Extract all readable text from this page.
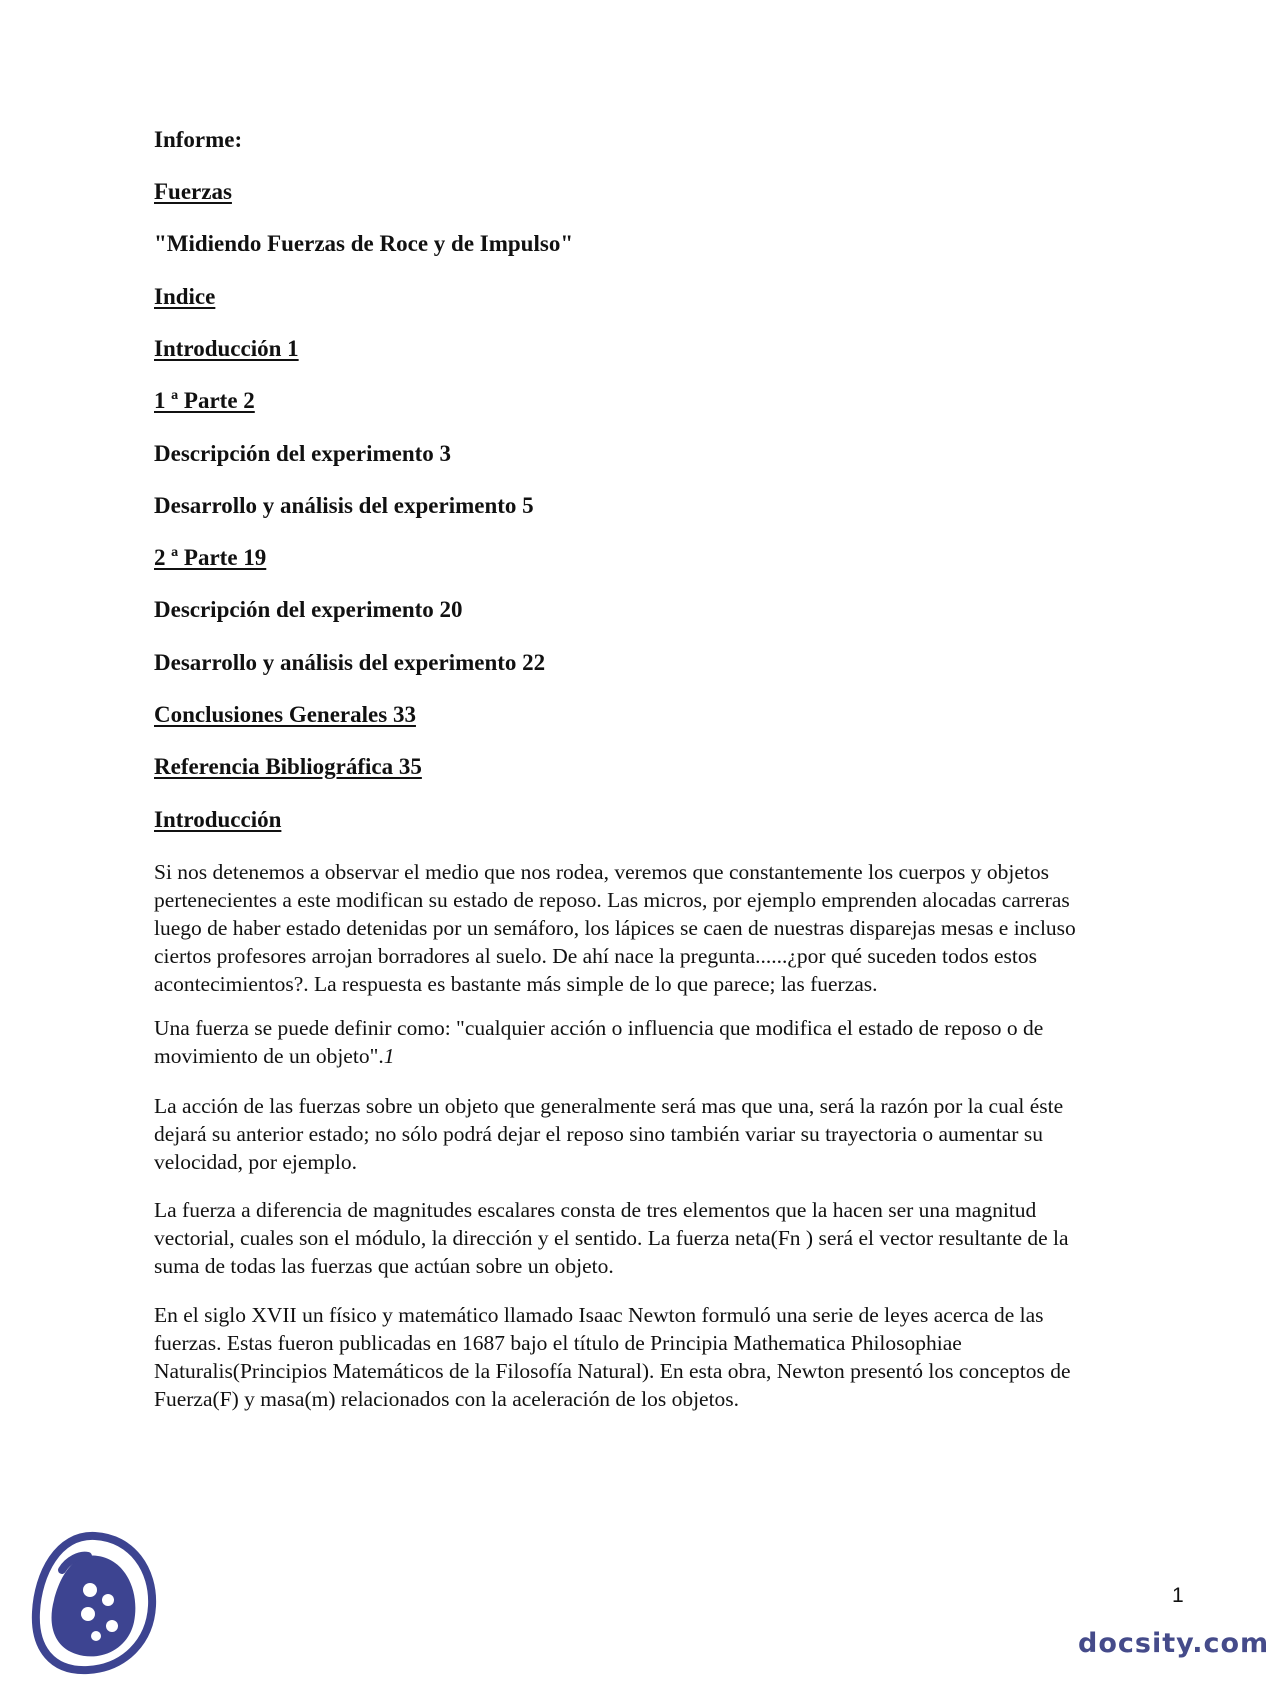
Informe:

Fuerzas

"Midiendo Fuerzas de Roce y de Impulso"

Indice

Introducción 1

1 ª Parte 2

Descripción del experimento 3

Desarrollo y análisis del experimento 5

2 ª Parte 19

Descripción del experimento 20

Desarrollo y análisis del experimento 22

Conclusiones Generales 33

Referencia Bibliográfica 35

Introducción

Si nos detenemos a observar el medio que nos rodea, veremos que constantemente los cuerpos y objetos
pertenecientes a este modifican su estado de reposo. Las micros, por ejemplo emprenden alocadas carreras
luego de haber estado detenidas por un semáforo, los lápices se caen de nuestras disparejas mesas e incluso
ciertos profesores arrojan borradores al suelo. De ahí nace la pregunta......¿por qué suceden todos estos
acontecimientos?. La respuesta es bastante más simple de lo que parece; las fuerzas.
Una fuerza se puede definir como: "cualquier acción o influencia que modifica el estado de reposo o de
movimiento de un objeto".1
La acción de las fuerzas sobre un objeto que generalmente será mas que una, será la razón por la cual éste
dejará su anterior estado; no sólo podrá dejar el reposo sino también variar su trayectoria o aumentar su
velocidad, por ejemplo.
La fuerza a diferencia de magnitudes escalares consta de tres elementos que la hacen ser una magnitud
vectorial, cuales son el módulo, la dirección y el sentido. La fuerza neta(Fn ) será el vector resultante de la
suma de todas las fuerzas que actúan sobre un objeto.
En el siglo XVII un físico y matemático llamado Isaac Newton formuló una serie de leyes acerca de las
fuerzas. Estas fueron publicadas en 1687 bajo el título de Principia Mathematica Philosophiae
Naturalis(Principios Matemáticos de la Filosofía Natural). En esta obra, Newton presentó los conceptos de
Fuerza(F) y masa(m) relacionados con la aceleración de los objetos.
1
docsity.com
